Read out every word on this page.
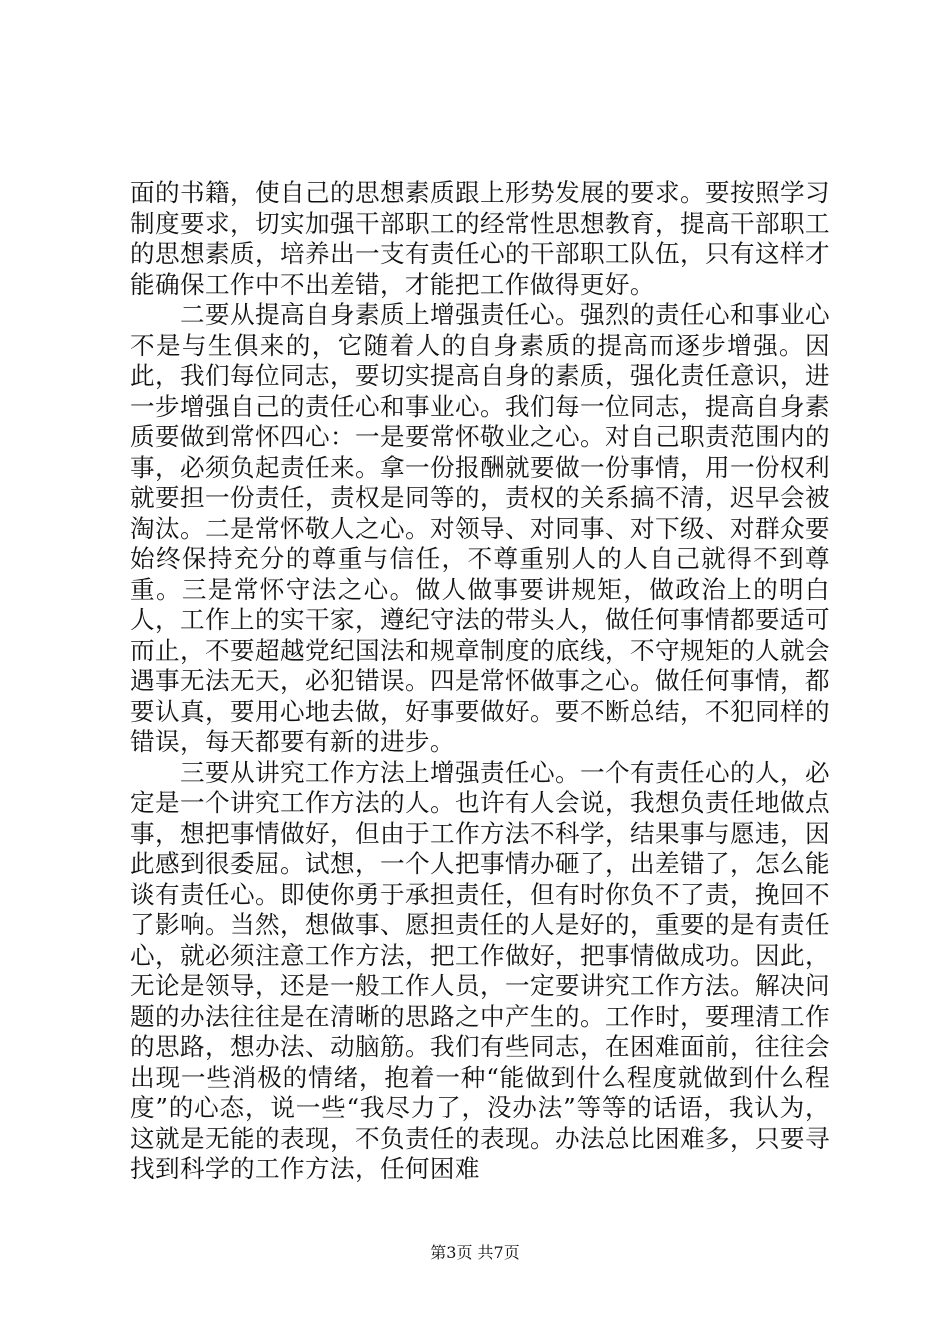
面的书籍，使自己的思想素质跟上形势发展的要求。要按照学习制度要求，切实加强干部职工的经常性思想教育，提高干部职工的思想素质，培养出一支有责任心的干部职工队伍，只有这样才能确保工作中不出差错，才能把工作做得更好。

二要从提高自身素质上增强责任心。强烈的责任心和事业心不是与生俱来的，它随着人的自身素质的提高而逐步增强。因此，我们每位同志，要切实提高自身的素质，强化责任意识，进一步增强自己的责任心和事业心。我们每一位同志，提高自身素质要做到常怀四心：一是要常怀敬业之心。对自己职责范围内的事，必须负起责任来。拿一份报酬就要做一份事情，用一份权利就要担一份责任，责权是同等的，责权的关系搞不清，迟早会被淘汰。二是常怀敬人之心。对领导、对同事、对下级、对群众要始终保持充分的尊重与信任，不尊重别人的人自己就得不到尊重。三是常怀守法之心。做人做事要讲规矩，做政治上的明白人，工作上的实干家，遵纪守法的带头人，做任何事情都要适可而止，不要超越党纪国法和规章制度的底线，不守规矩的人就会遇事无法无天，必犯错误。四是常怀做事之心。做任何事情，都要认真，要用心地去做，好事要做好。要不断总结，不犯同样的错误，每天都要有新的进步。

三要从讲究工作方法上增强责任心。一个有责任心的人，必定是一个讲究工作方法的人。也许有人会说，我想负责任地做点事，想把事情做好，但由于工作方法不科学，结果事与愿违，因此感到很委屈。试想，一个人把事情办砸了，出差错了，怎么能谈有责任心。即使你勇于承担责任，但有时你负不了责，挽回不了影响。当然，想做事、愿担责任的人是好的，重要的是有责任心，就必须注意工作方法，把工作做好，把事情做成功。因此，无论是领导，还是一般工作人员，一定要讲究工作方法。解决问题的办法往往是在清晰的思路之中产生的。工作时，要理清工作的思路，想办法、动脑筋。我们有些同志，在困难面前，往往会出现一些消极的情绪，抱着一种“能做到什么程度就做到什么程度”的心态，说一些“我尽力了，没办法”等等的话语，我认为，这就是无能的表现，不负责任的表现。办法总比困难多，只要寻找到科学的工作方法，任何困难

第3页 共7页
